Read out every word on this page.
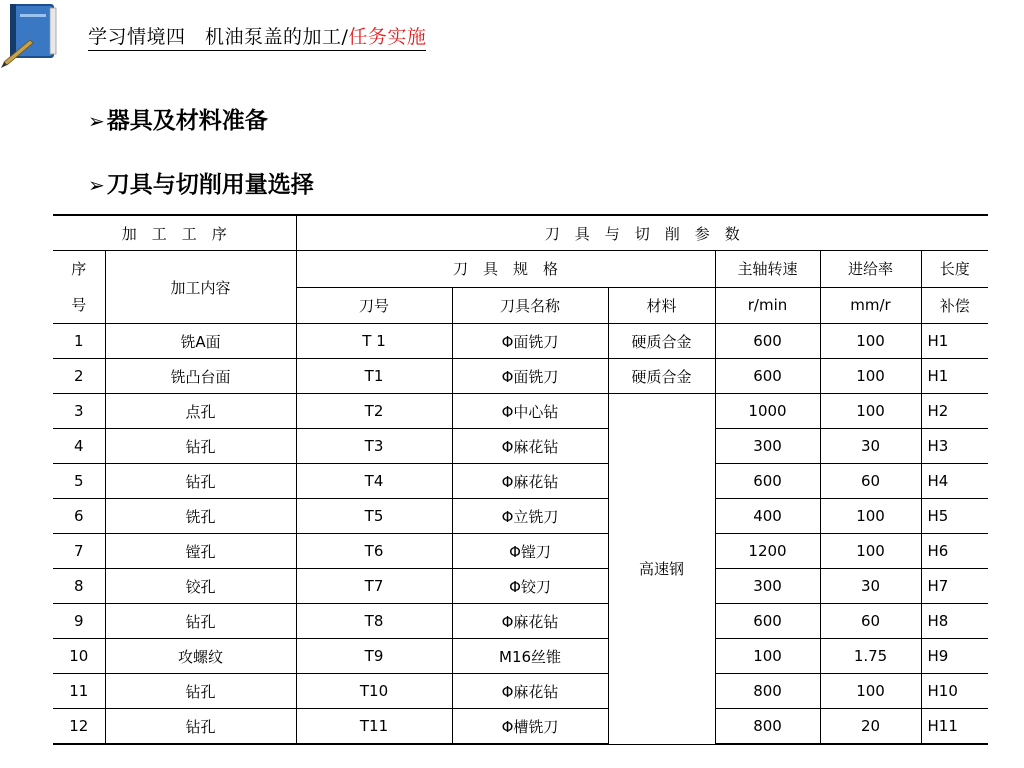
学习情境四　机油泵盖的加工/任务实施
➢器具及材料准备
➢刀具与切削用量选择
加　工　工　序		刀　具　与　切　削　参　数					
序号	加工内容	刀　具　规　格			主轴转速	进给率	长度
		刀号	刀具名称	材料	r/min	mm/r	补偿
1	铣A面	T 1	Φ面铣刀	硬质合金	600	100	H1
2	铣凸台面	T1	Φ面铣刀	硬质合金	600	100	H1
3	点孔	T2	Φ中心钻	高速钢	1000	100	H2
4	钻孔	T3	Φ麻花钻		300	30	H3
5	钻孔	T4	Φ麻花钻		600	60	H4
6	铣孔	T5	Φ立铣刀		400	100	H5
7	镗孔	T6	Φ镗刀		1200	100	H6
8	铰孔	T7	Φ铰刀		300	30	H7
9	钻孔	T8	Φ麻花钻		600	60	H8
10	攻螺纹	T9	M16丝锥		100	1.75	H9
11	钻孔	T10	Φ麻花钻		800	100	H10
12	钻孔	T11	Φ槽铣刀		800	20	H11
